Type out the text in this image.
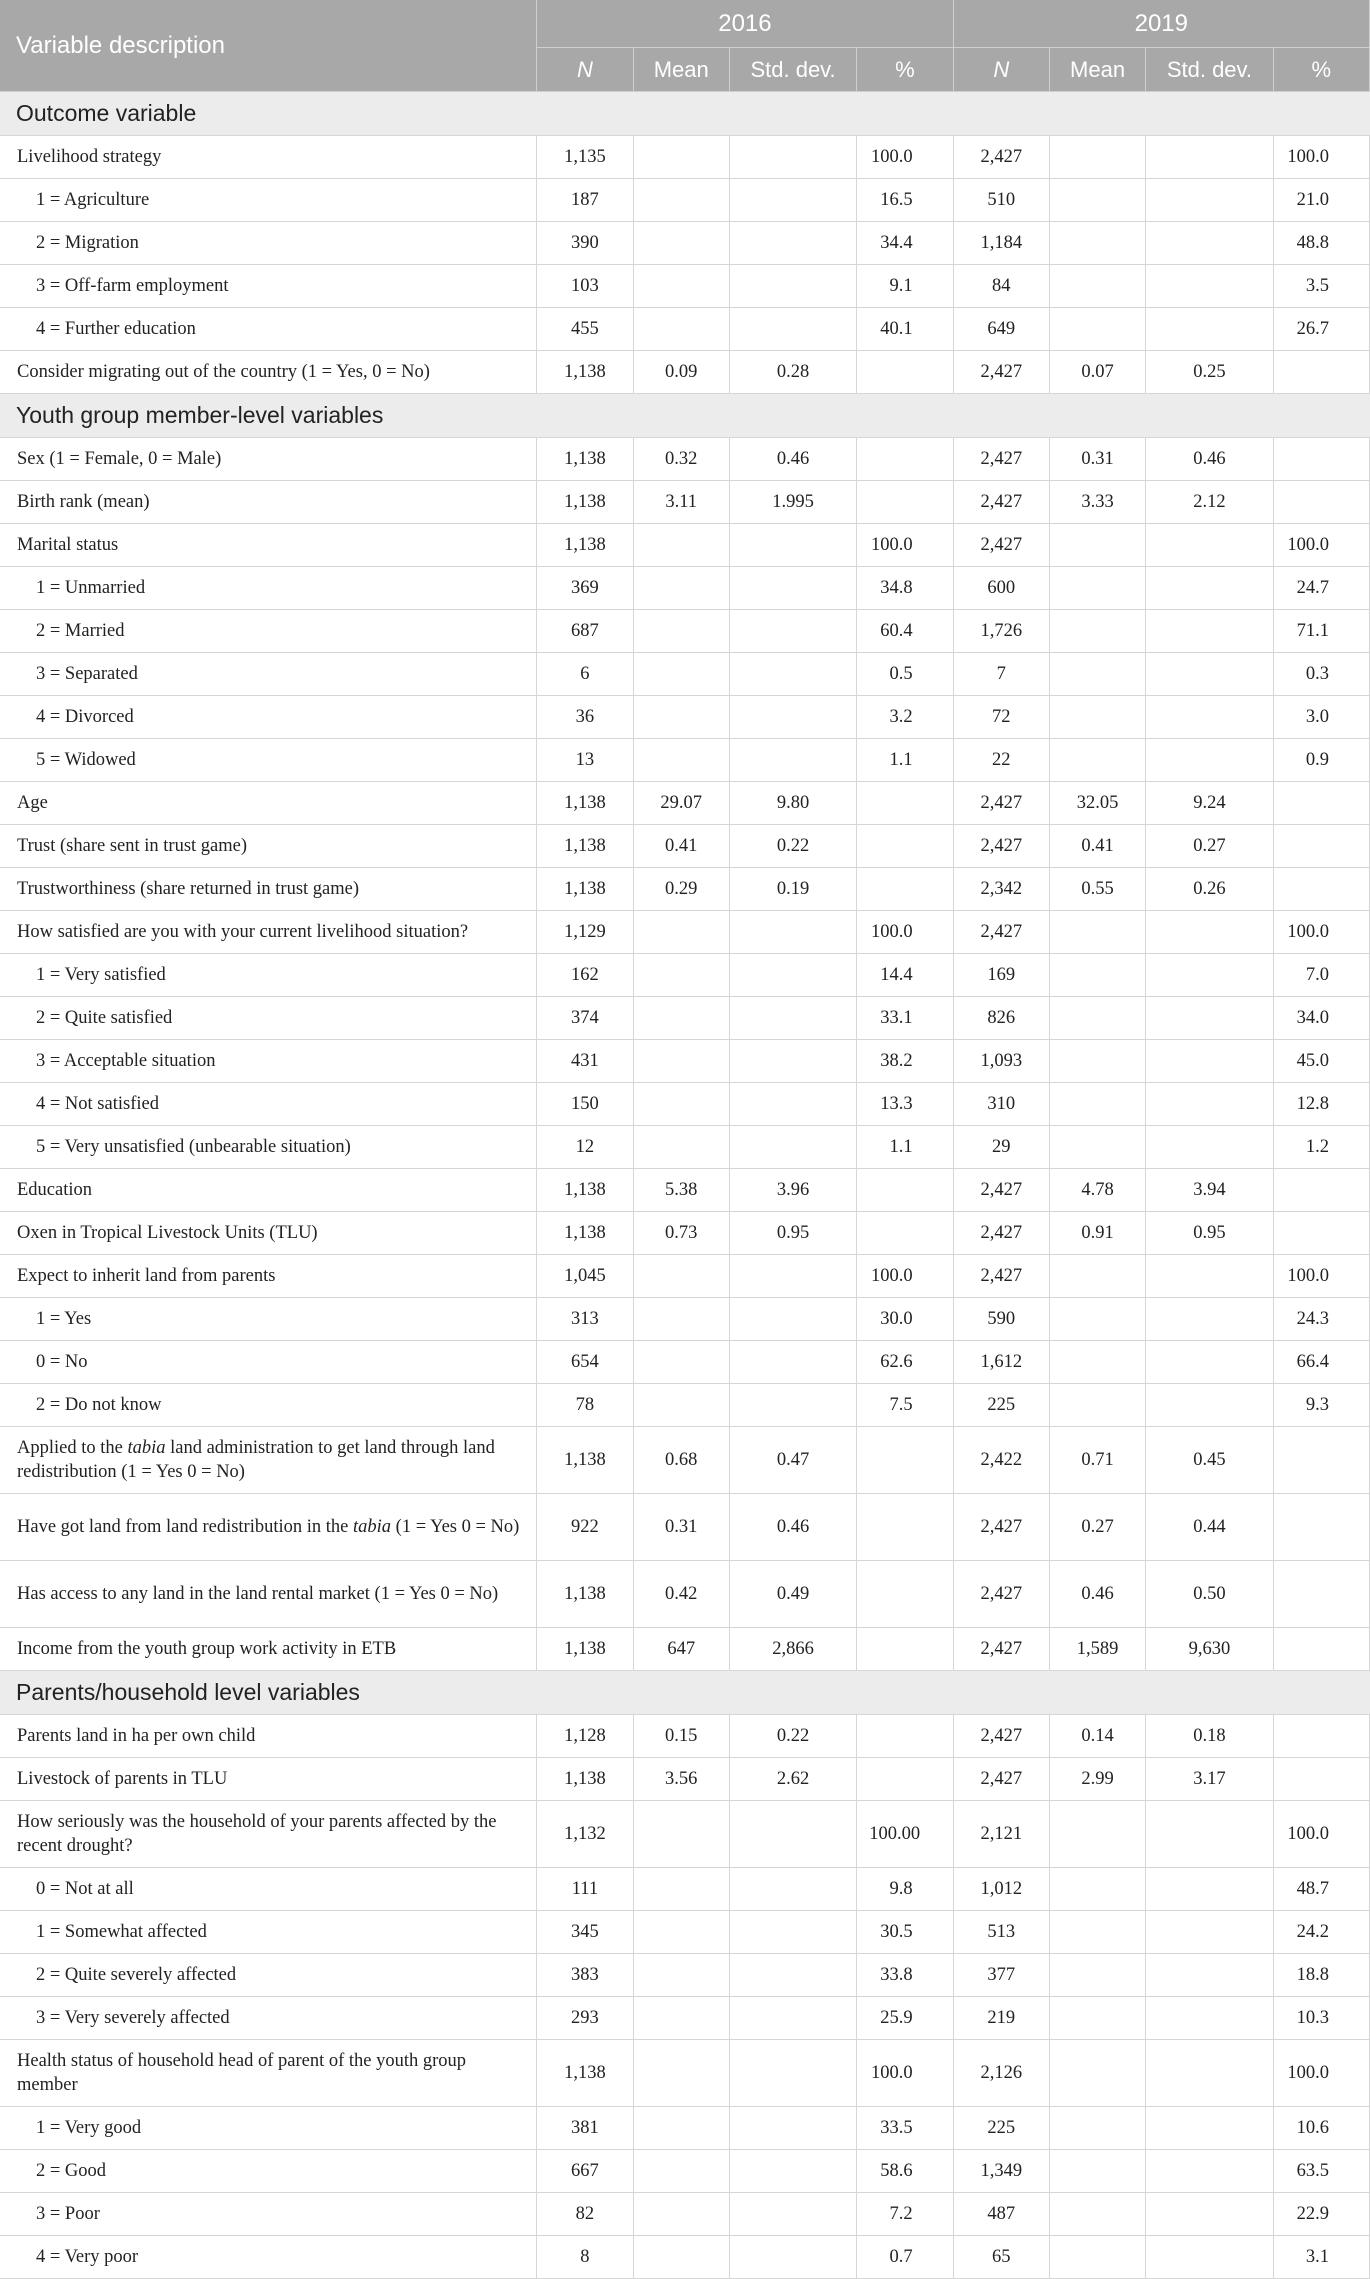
Variable description	2016				2019			
	N	Mean	Std. dev.	%	N	Mean	Std. dev.	%
Outcome variable								
Livelihood strategy	1,135			100.0	2,427			100.0
1 = Agriculture	187			16.5	510			21.0
2 = Migration	390			34.4	1,184			48.8
3 = Off-farm employment	103			9.1	84			3.5
4 = Further education	455			40.1	649			26.7
Consider migrating out of the country (1 = Yes, 0 = No)	1,138	0.09	0.28		2,427	0.07	0.25	
Youth group member-level variables								
Sex (1 = Female, 0 = Male)	1,138	0.32	0.46		2,427	0.31	0.46	
Birth rank (mean)	1,138	3.11	1.995		2,427	3.33	2.12	
Marital status	1,138			100.0	2,427			100.0
1 = Unmarried	369			34.8	600			24.7
2 = Married	687			60.4	1,726			71.1
3 = Separated	6			0.5	7			0.3
4 = Divorced	36			3.2	72			3.0
5 = Widowed	13			1.1	22			0.9
Age	1,138	29.07	9.80		2,427	32.05	9.24	
Trust (share sent in trust game)	1,138	0.41	0.22		2,427	0.41	0.27	
Trustworthiness (share returned in trust game)	1,138	0.29	0.19		2,342	0.55	0.26	
How satisfied are you with your current livelihood situation?	1,129			100.0	2,427			100.0
1 = Very satisfied	162			14.4	169			7.0
2 = Quite satisfied	374			33.1	826			34.0
3 = Acceptable situation	431			38.2	1,093			45.0
4 = Not satisfied	150			13.3	310			12.8
5 = Very unsatisfied (unbearable situation)	12			1.1	29			1.2
Education	1,138	5.38	3.96		2,427	4.78	3.94	
Oxen in Tropical Livestock Units (TLU)	1,138	0.73	0.95		2,427	0.91	0.95	
Expect to inherit land from parents	1,045			100.0	2,427			100.0
1 = Yes	313			30.0	590			24.3
0 = No	654			62.6	1,612			66.4
2 = Do not know	78			7.5	225			9.3
Applied to the tabia land administration to get land through land redistribution (1 = Yes 0 = No)	1,138	0.68	0.47		2,422	0.71	0.45	
Have got land from land redistribution in the tabia (1 = Yes 0 = No)	922	0.31	0.46		2,427	0.27	0.44	
Has access to any land in the land rental market (1 = Yes 0 = No)	1,138	0.42	0.49		2,427	0.46	0.50	
Income from the youth group work activity in ETB	1,138	647	2,866		2,427	1,589	9,630	
Parents/household level variables								
Parents land in ha per own child	1,128	0.15	0.22		2,427	0.14	0.18	
Livestock of parents in TLU	1,138	3.56	2.62		2,427	2.99	3.17	
How seriously was the household of your parents affected by the recent drought?	1,132			100.00	2,121			100.0
0 = Not at all	111			9.8	1,012			48.7
1 = Somewhat affected	345			30.5	513			24.2
2 = Quite severely affected	383			33.8	377			18.8
3 = Very severely affected	293			25.9	219			10.3
Health status of household head of parent of the youth group member	1,138			100.0	2,126			100.0
1 = Very good	381			33.5	225			10.6
2 = Good	667			58.6	1,349			63.5
3 = Poor	82			7.2	487			22.9
4 = Very poor	8			0.7	65			3.1
